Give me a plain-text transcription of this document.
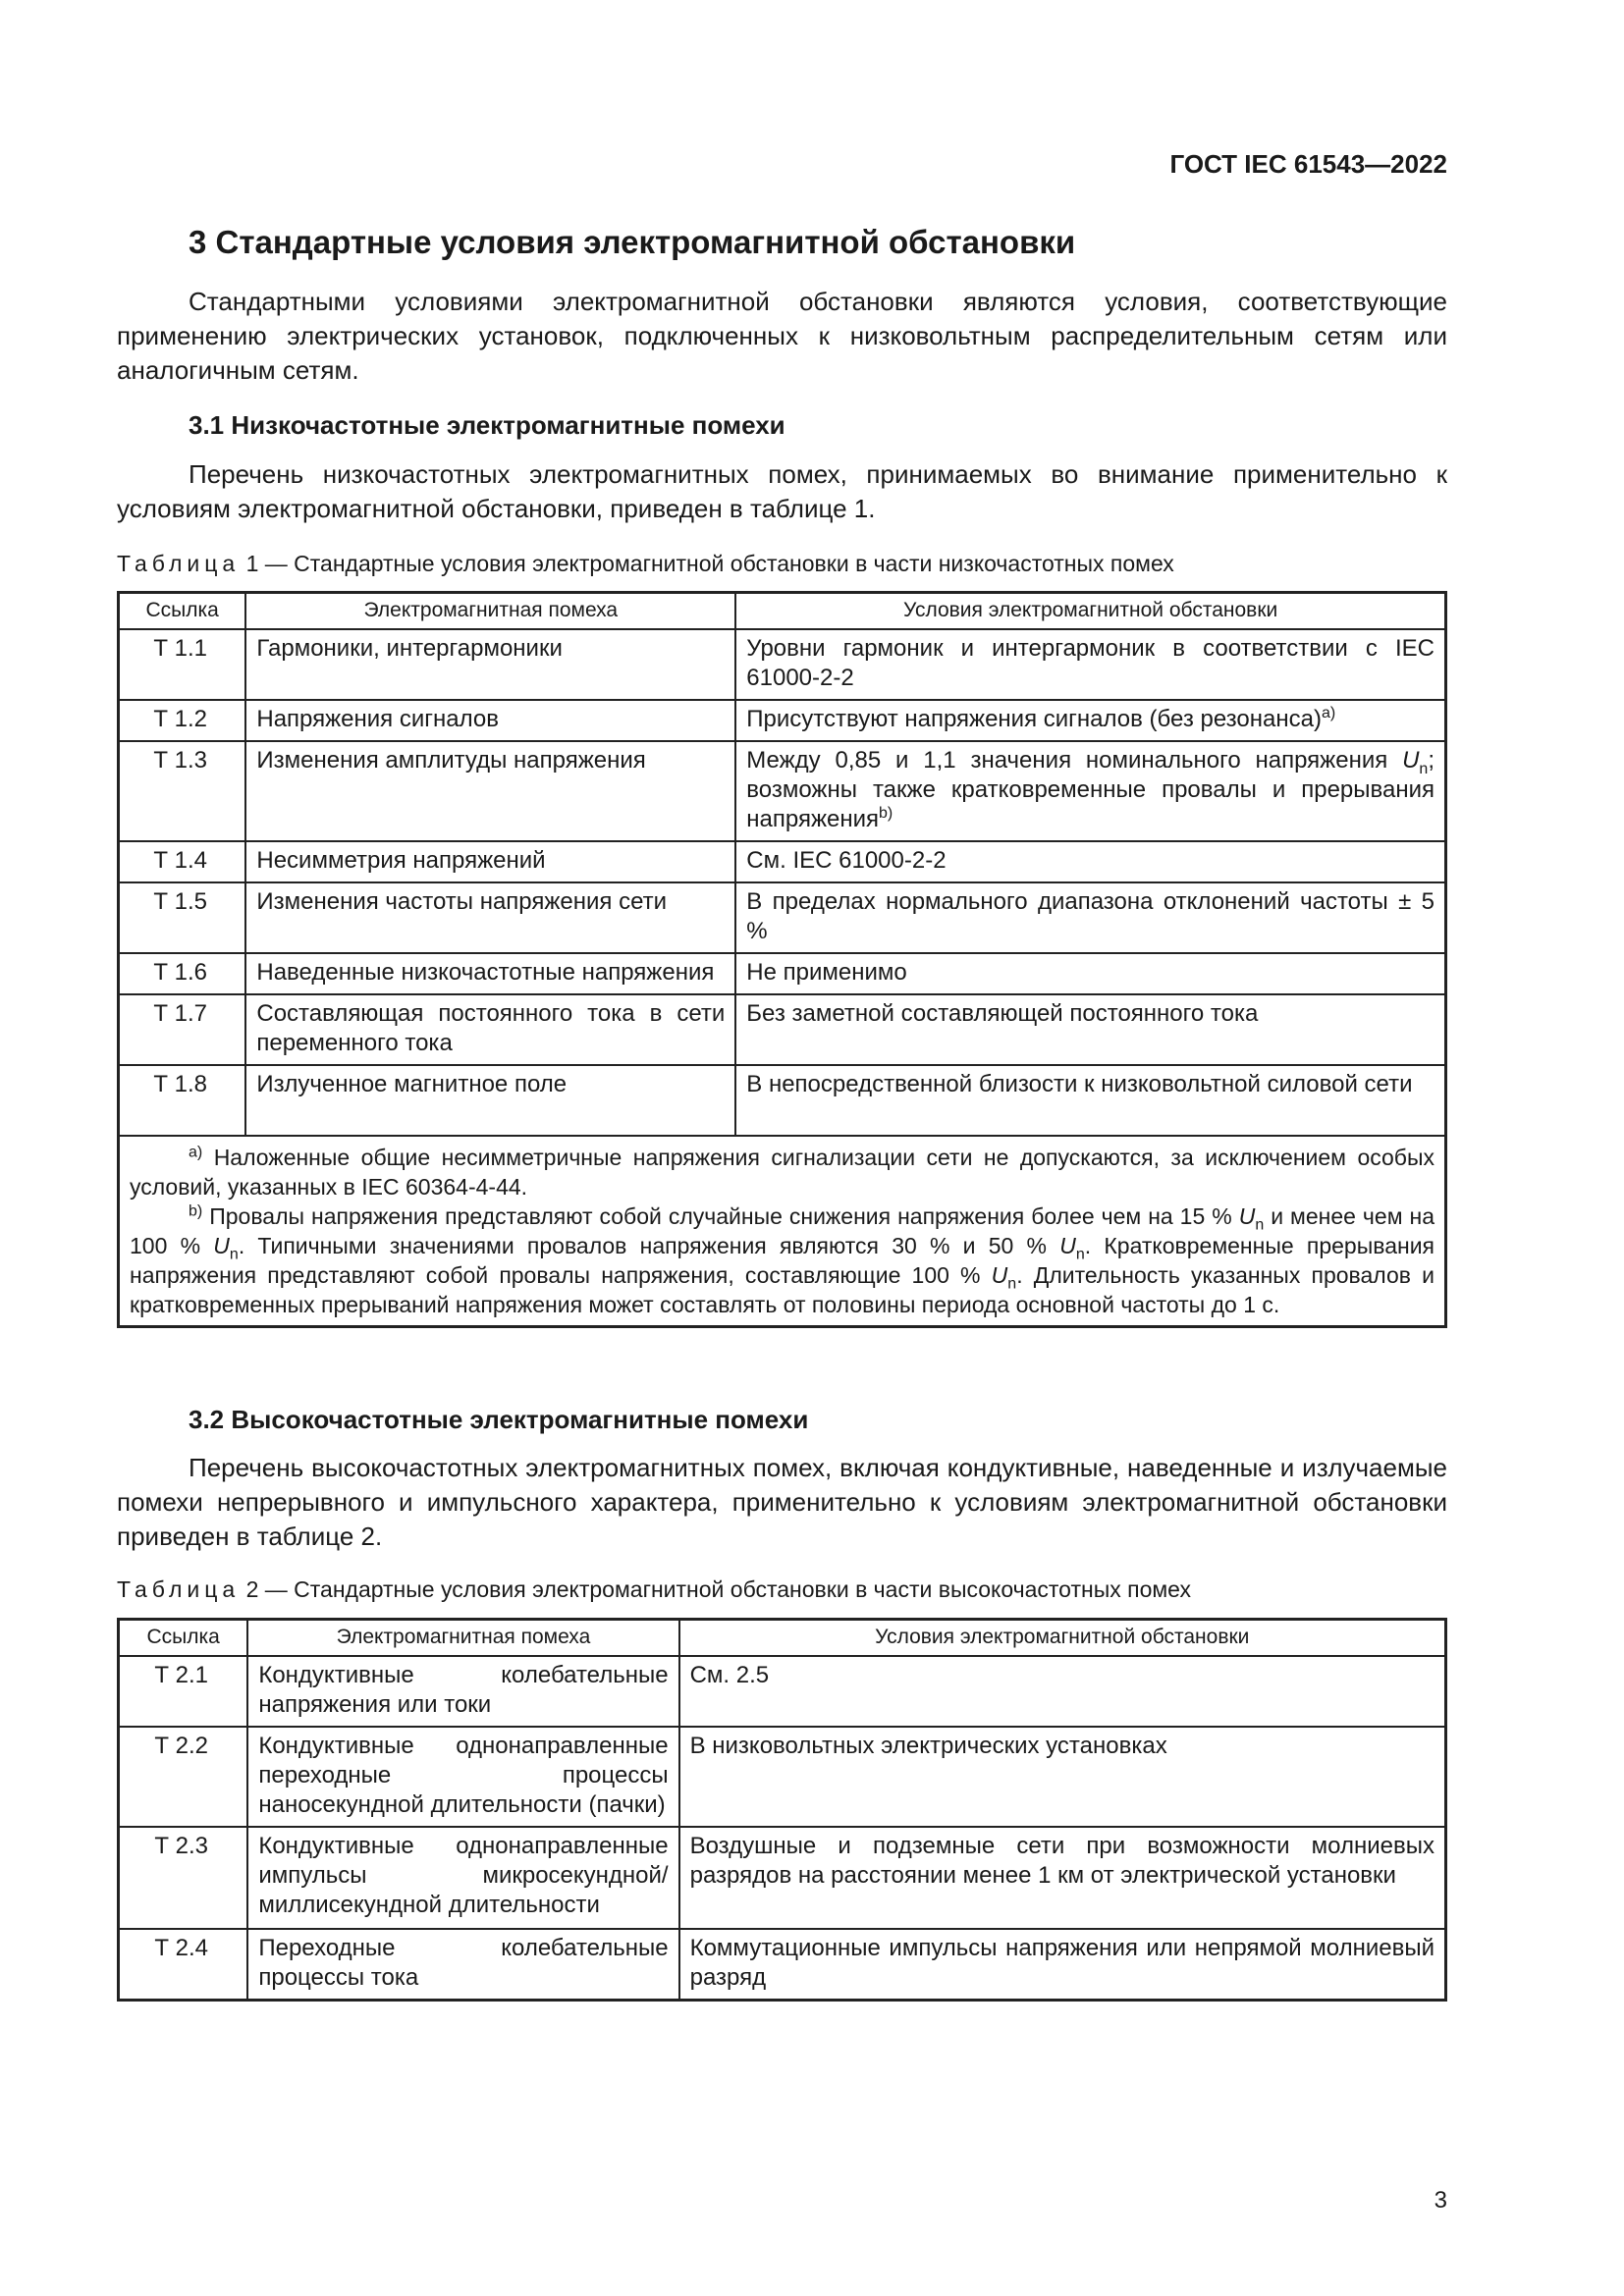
ГОСТ IEC 61543—2022
3 Стандартные условия электромагнитной обстановки

Стандартными условиями электромагнитной обстановки являются условия, соответствующие применению электрических установок, подключенных к низковольтным распределительным сетям или аналогичным сетям.

3.1 Низкочастотные электромагнитные помехи

Перечень низкочастотных электромагнитных помех, принимаемых во внимание применительно к условиям электромагнитной обстановки, приведен в таблице 1.

Таблица 1 — Стандартные условия электромагнитной обстановки в части низкочастотных помех

Ссылка	Электромагнитная помеха	Условия электромагнитной обстановки
Т 1.1	Гармоники, интергармоники	Уровни гармоник и интергармоник в соответствии с IEC 61000-2-2
Т 1.2	Напряжения сигналов	Присутствуют напряжения сигналов (без резонанса)$^{a)}$
Т 1.3	Изменения амплитуды напряжения	Между 0,85 и 1,1 значения номинального напряжения $U_n$; возможны также кратковременные провалы и прерывания напряжения$^{b)}$
Т 1.4	Несимметрия напряжений	См. IEC 61000-2-2
Т 1.5	Изменения частоты напряжения сети	В пределах нормального диапазона отклонений частоты ± 5 %
Т 1.6	Наведенные низкочастотные напряжения	Не применимо
Т 1.7	Составляющая постоянного тока в сети переменного тока	Без заметной составляющей постоянного тока
Т 1.8	Излученное магнитное поле	В непосредственной близости к низковольтной силовой сети

$^{a)}$ Наложенные общие несимметричные напряжения сигнализации сети не допускаются, за исключением особых условий, указанных в IEC 60364-4-44.

$^{b)}$ Провалы напряжения представляют собой случайные снижения напряжения более чем на 15 % $U_n$ и менее чем на 100 % $U_n$. Типичными значениями провалов напряжения являются 30 % и 50 % $U_n$. Кратковременные прерывания напряжения представляют собой провалы напряжения, составляющие 100 % $U_n$. Длительность указанных провалов и кратковременных прерываний напряжения может составлять от половины периода основной частоты до 1 с.		

3.2 Высокочастотные электромагнитные помехи

Перечень высокочастотных электромагнитных помех, включая кондуктивные, наведенные и излучаемые помехи непрерывного и импульсного характера, применительно к условиям электромагнитной обстановки приведен в таблице 2.

Таблица 2 — Стандартные условия электромагнитной обстановки в части высокочастотных помех

Ссылка	Электромагнитная помеха	Условия электромагнитной обстановки
Т 2.1	Кондуктивные колебательные напряжения или токи	См. 2.5
Т 2.2	Кондуктивные однонаправленные переходные процессы наносекундной длительности (пачки)	В низковольтных электрических установках
Т 2.3	Кондуктивные однонаправленные импульсы микросекундной/миллисекундной длительности	Воздушные и подземные сети при возможности молниевых разрядов на расстоянии менее 1 км от электрической установки
Т 2.4	Переходные колебательные процессы тока	Коммутационные импульсы напряжения или непрямой молниевый разряд
3
